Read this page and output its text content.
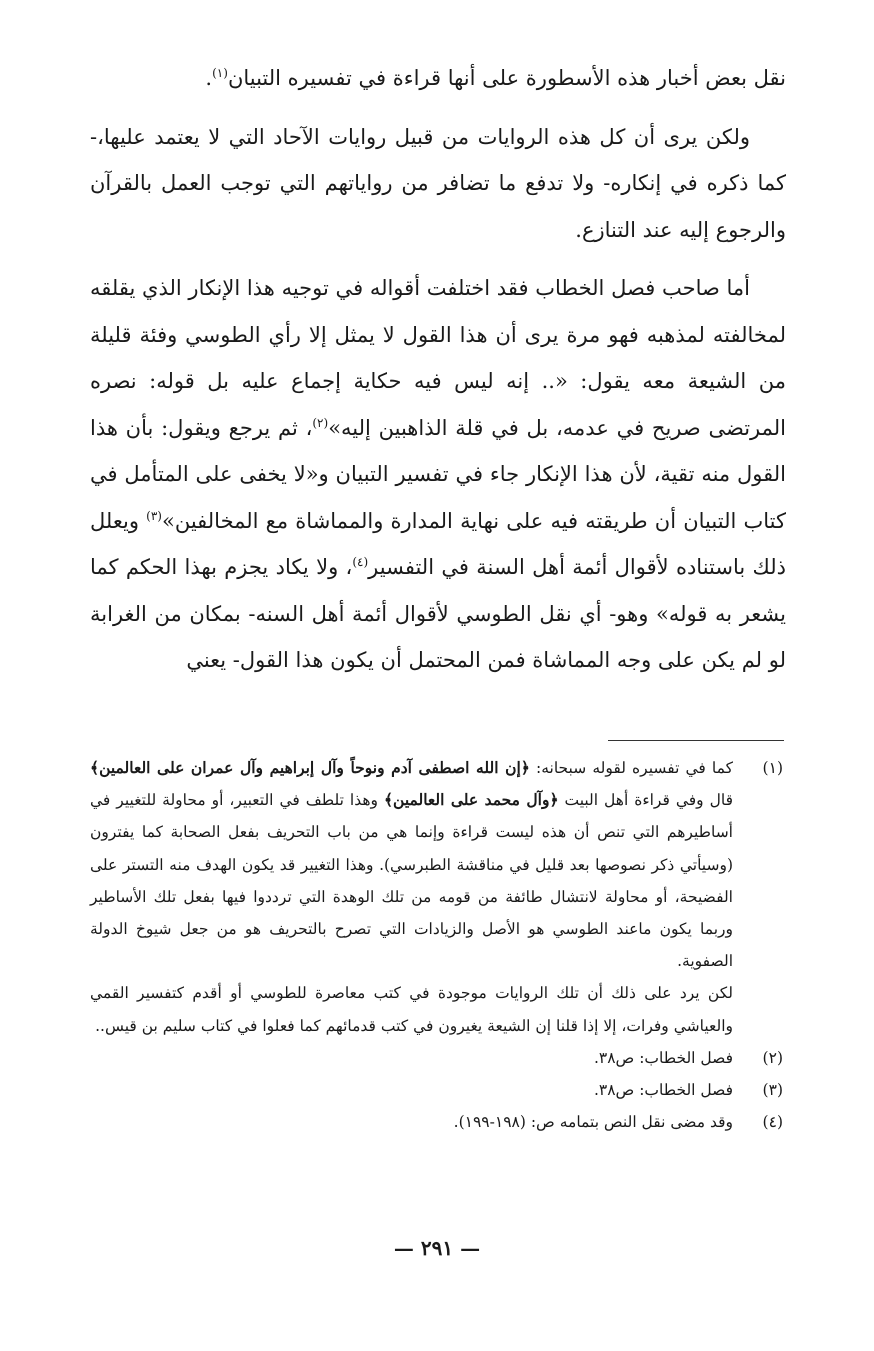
نقل بعض أخبار هذه الأسطورة على أنها قراءة في تفسيره التبيان$^{(١)}$.

ولكن يرى أن كل هذه الروايات من قبيل روايات الآحاد التي لا يعتمد عليها،-كما ذكره في إنكاره- ولا تدفع ما تضافر من رواياتهم التي توجب العمل بالقرآن والرجوع إليه عند التنازع.

أما صاحب فصل الخطاب فقد اختلفت أقواله في توجيه هذا الإنكار الذي يقلقه لمخالفته لمذهبه فهو مرة يرى أن هذا القول لا يمثل إلا رأي الطوسي وفئة قليلة من الشيعة معه يقول: «.. إنه ليس فيه حكاية إجماع عليه بل قوله: نصره المرتضى صريح في عدمه، بل في قلة الذاهبين إليه»$^{(٢)}$، ثم يرجع ويقول: بأن هذا القول منه تقية، لأن هذا الإنكار جاء في تفسير التبيان و«لا يخفى على المتأمل في كتاب التبيان أن طريقته فيه على نهاية المدارة والمماشاة مع المخالفين»$^{(٣)}$ ويعلل ذلك باستناده لأقوال أئمة أهل السنة في التفسير$^{(٤)}$، ولا يكاد يجزم بهذا الحكم كما يشعر به قوله» وهو- أي نقل الطوسي لأقوال أئمة أهل السنه- بمكان من الغرابة لو لم يكن على وجه المماشاة فمن المحتمل أن يكون هذا القول- يعني

(١)
كما في تفسيره لقوله سبحانه: ﴿إن الله اصطفى آدم ونوحاً وآل إبراهيم وآل عمران على العالمين﴾ قال وفي قراءة أهل البيت ﴿وآل محمد على العالمين﴾ وهذا تلطف في التعبير، أو محاولة للتغيير في أساطيرهم التي تنص أن هذه ليست قراءة وإنما هي من باب التحريف بفعل الصحابة كما يفترون (وسيأتي ذكر نصوصها بعد قليل في مناقشة الطبرسي). وهذا التغيير قد يكون الهدف منه التستر على الفضيحة، أو محاولة لانتشال طائفة من قومه من تلك الوهدة التي ترددوا فيها بفعل تلك الأساطير وربما يكون ماعند الطوسي هو الأصل والزيادات التي تصرح بالتحريف هو من جعل شيوخ الدولة الصفوية.

لكن يرد على ذلك أن تلك الروايات موجودة في كتب معاصرة للطوسي أو أقدم كتفسير القمي والعياشي وفرات، إلا إذا قلنا إن الشيعة يغيرون في كتب قدمائهم كما فعلوا في كتاب سليم بن قيس..

(٢)
فصل الخطاب: ص٣٨.
(٣)
فصل الخطاب: ص٣٨.
(٤)
وقد مضى نقل النص بتمامه ص: (١٩٨-١٩٩).
— ٢٩١ —
